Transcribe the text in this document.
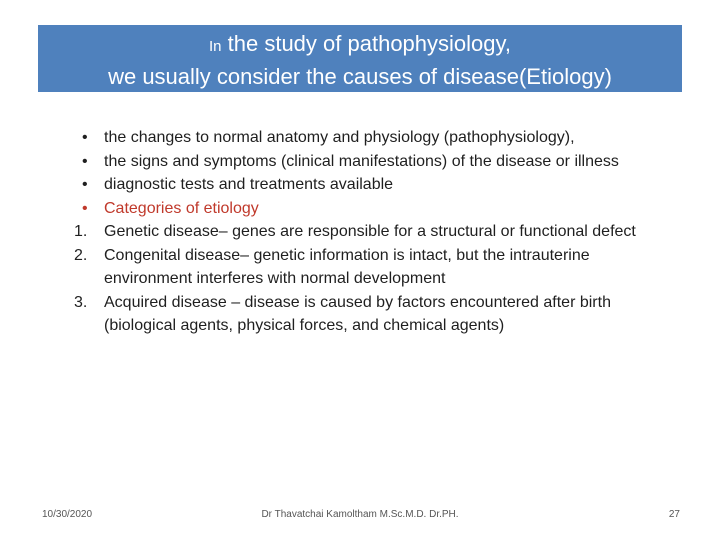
In the study of pathophysiology,
we usually consider the causes of disease(Etiology)
•	the changes to normal anatomy and physiology (pathophysiology),
•	the signs and symptoms (clinical manifestations) of the disease or illness
•	diagnostic tests and treatments available
•	Categories of etiology
1.	Genetic disease– genes are responsible for a structural or functional defect
2.	Congenital disease– genetic information is intact, but the intrauterine environment interferes with normal development
3.	Acquired disease – disease is caused by factors encountered after birth (biological agents, physical forces, and chemical agents)
10/30/2020	Dr Thavatchai Kamoltham M.Sc.M.D. Dr.PH.	27
